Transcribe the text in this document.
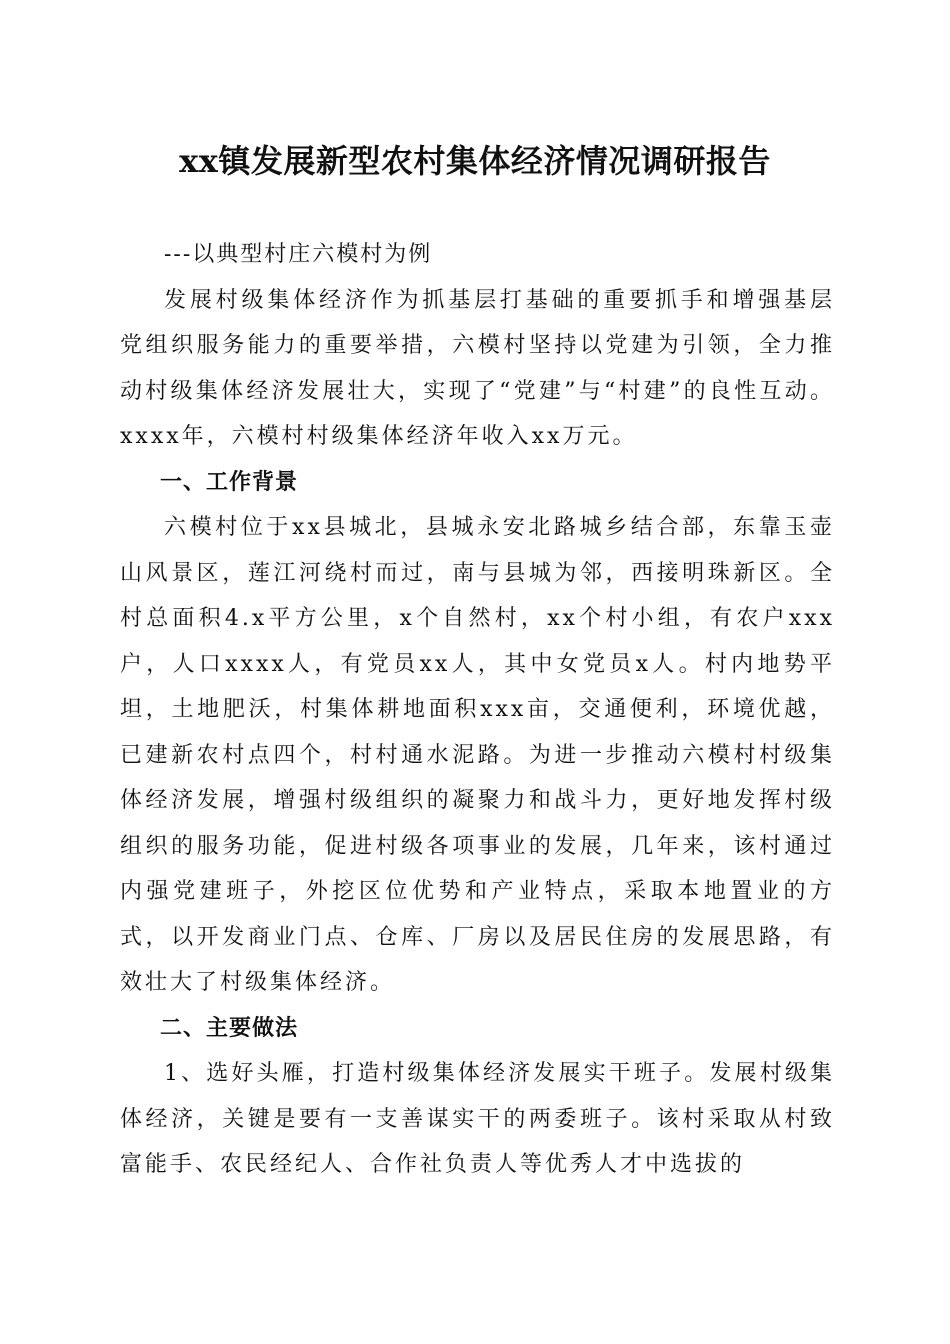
xx镇发展新型农村集体经济情况调研报告

---以典型村庄六模村为例

发展村级集体经济作为抓基层打基础的重要抓手和增强基层党组织服务能力的重要举措，六模村坚持以党建为引领，全力推动村级集体经济发展壮大，实现了“党建”与“村建”的良性互动。xxxx年，六模村村级集体经济年收入xx万元。

一、工作背景

六模村位于xx县城北，县城永安北路城乡结合部，东靠玉壶山风景区，莲江河绕村而过，南与县城为邻，西接明珠新区。全村总面积4.x平方公里，x个自然村，xx个村小组，有农户xxx户，人口xxxx人，有党员xx人，其中女党员x人。村内地势平坦，土地肥沃，村集体耕地面积xxx亩，交通便利，环境优越，已建新农村点四个，村村通水泥路。为进一步推动六模村村级集体经济发展，增强村级组织的凝聚力和战斗力，更好地发挥村级组织的服务功能，促进村级各项事业的发展，几年来，该村通过内强党建班子，外挖区位优势和产业特点，采取本地置业的方式，以开发商业门点、仓库、厂房以及居民住房的发展思路，有效壮大了村级集体经济。

二、主要做法

1、选好头雁，打造村级集体经济发展实干班子。发展村级集体经济，关键是要有一支善谋实干的两委班子。该村采取从村致富能手、农民经纪人、合作社负责人等优秀人才中选拔的
